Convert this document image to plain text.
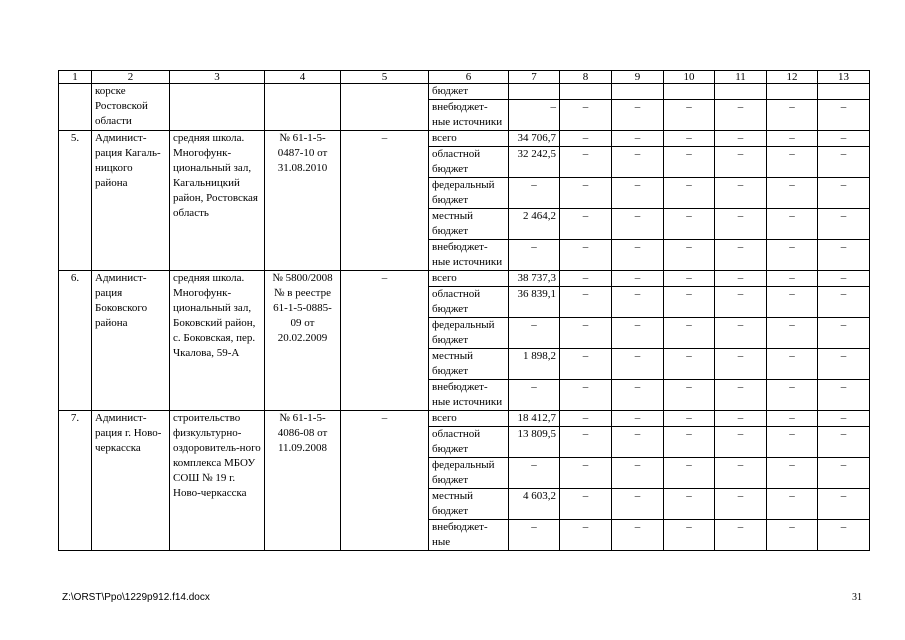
1	2	3	4	5	6	7	8	9	10	11	12	13
	корске Ростовской области				бюджет							
					внебюджет-ные источники	–	–	–	–	–	–	–
5.	Админист-рация Кагаль-ницкого района	средняя школа. Многофунк-циональный зал, Кагальницкий район, Ростовская область	№ 61-1-5-0487-10 от 31.08.2010	–	всего	34 706,7	–	–	–	–	–	–
					областной бюджет	32 242,5	–	–	–	–	–	–
					федеральный бюджет	–	–	–	–	–	–	–
					местный бюджет	2 464,2	–	–	–	–	–	–
					внебюджет-ные источники	–	–	–	–	–	–	–
6.	Админист-рация Боковского района	средняя школа. Многофунк-циональный зал, Боковский район, с. Боковская, пер. Чкалова, 59-А	№ 5800/2008 № в реестре 61-1-5-0885-09 от 20.02.2009	–	всего	38 737,3	–	–	–	–	–	–
					областной бюджет	36 839,1	–	–	–	–	–	–
					федеральный бюджет	–	–	–	–	–	–	–
					местный бюджет	1 898,2	–	–	–	–	–	–
					внебюджет-ные источники	–	–	–	–	–	–	–
7.	Админист-рация г. Ново-черкасска	строительство физкультурно-оздоровитель-ного комплекса МБОУ СОШ № 19 г. Ново-черкасска	№ 61-1-5-4086-08 от 11.09.2008	–	всего	18 412,7	–	–	–	–	–	–
					областной бюджет	13 809,5	–	–	–	–	–	–
					федеральный бюджет	–	–	–	–	–	–	–
					местный бюджет	4 603,2	–	–	–	–	–	–
					внебюджет-ные	–	–	–	–	–	–	–
Z:\ORST\Ppo\1229p912.f14.docx	31
